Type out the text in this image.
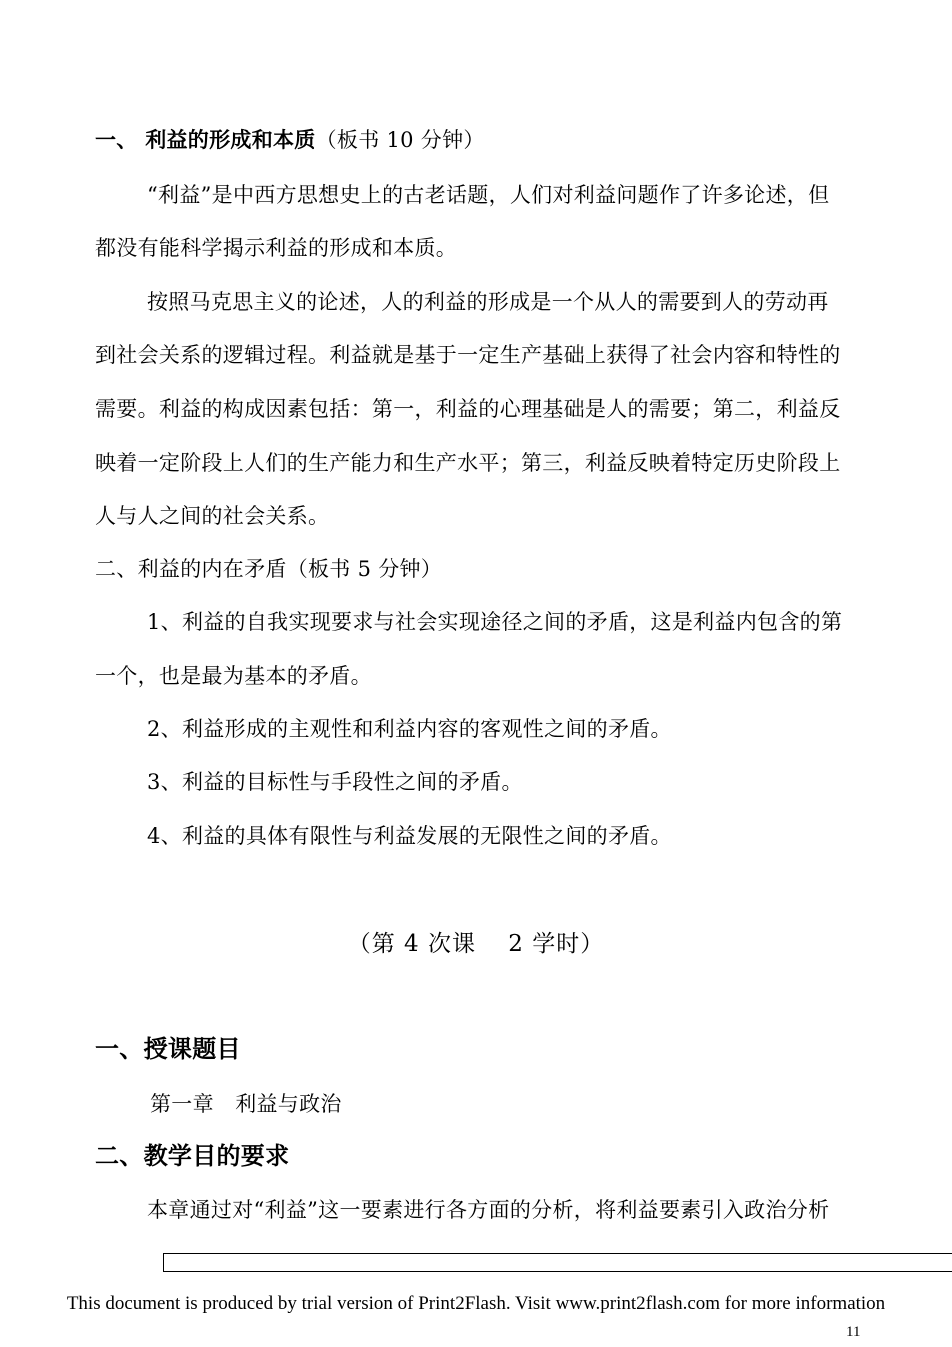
一、 利益的形成和本质（板书 10 分钟）
“利益”是中西方思想史上的古老话题，人们对利益问题作了许多论述，但
都没有能科学揭示利益的形成和本质。
按照马克思主义的论述，人的利益的形成是一个从人的需要到人的劳动再
到社会关系的逻辑过程。利益就是基于一定生产基础上获得了社会内容和特性的
需要。利益的构成因素包括：第一，利益的心理基础是人的需要；第二，利益反
映着一定阶段上人们的生产能力和生产水平；第三，利益反映着特定历史阶段上
人与人之间的社会关系。
二、利益的内在矛盾（板书 5 分钟）
1、利益的自我实现要求与社会实现途径之间的矛盾，这是利益内包含的第
一个，也是最为基本的矛盾。
2、利益形成的主观性和利益内容的客观性之间的矛盾。
3、利益的目标性与手段性之间的矛盾。
4、利益的具体有限性与利益发展的无限性之间的矛盾。
（第 4 次课　 2 学时）
一、授课题目
第一章　利益与政治
二、教学目的要求
本章通过对“利益”这一要素进行各方面的分析，将利益要素引入政治分析
This document is produced by trial version of Print2Flash. Visit www.print2flash.com for more information
11
